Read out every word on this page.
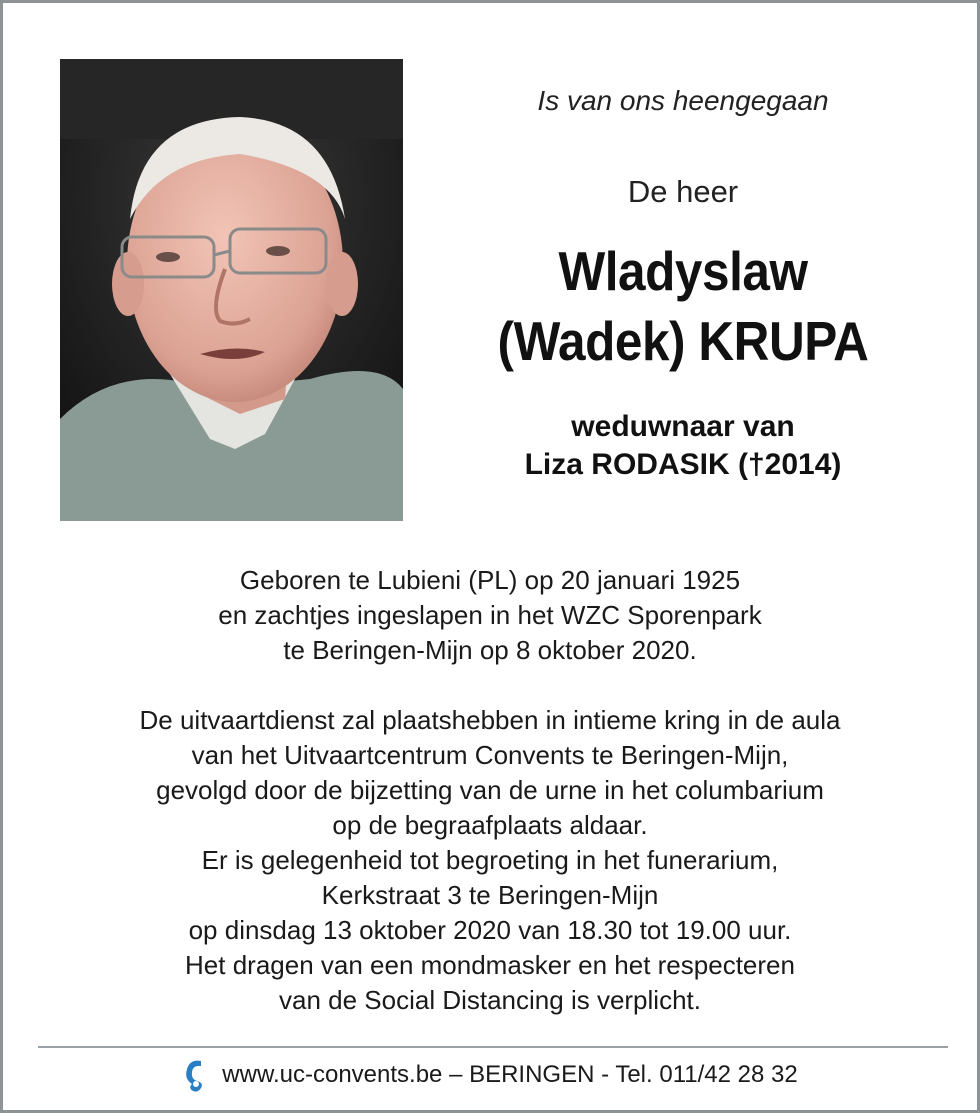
Is van ons heengegaan

De heer
Wladyslaw
(Wadek) KRUPA
weduwnaar van
Liza RODASIK (†2014)
Geboren te Lubieni (PL) op 20 januari 1925
en zachtjes ingeslapen in het WZC Sporenpark
te Beringen-Mijn op 8 oktober 2020.
De uitvaartdienst zal plaatshebben in intieme kring in de aula
van het Uitvaartcentrum Convents te Beringen-Mijn,
gevolgd door de bijzetting van de urne in het columbarium
op de begraafplaats aldaar.
Er is gelegenheid tot begroeting in het funerarium,
Kerkstraat 3 te Beringen-Mijn
op dinsdag 13 oktober 2020 van 18.30 tot 19.00 uur.
Het dragen van een mondmasker en het respecteren
van de Social Distancing is verplicht.
www.uc-convents.be – BERINGEN - Tel. 011/42 28 32
